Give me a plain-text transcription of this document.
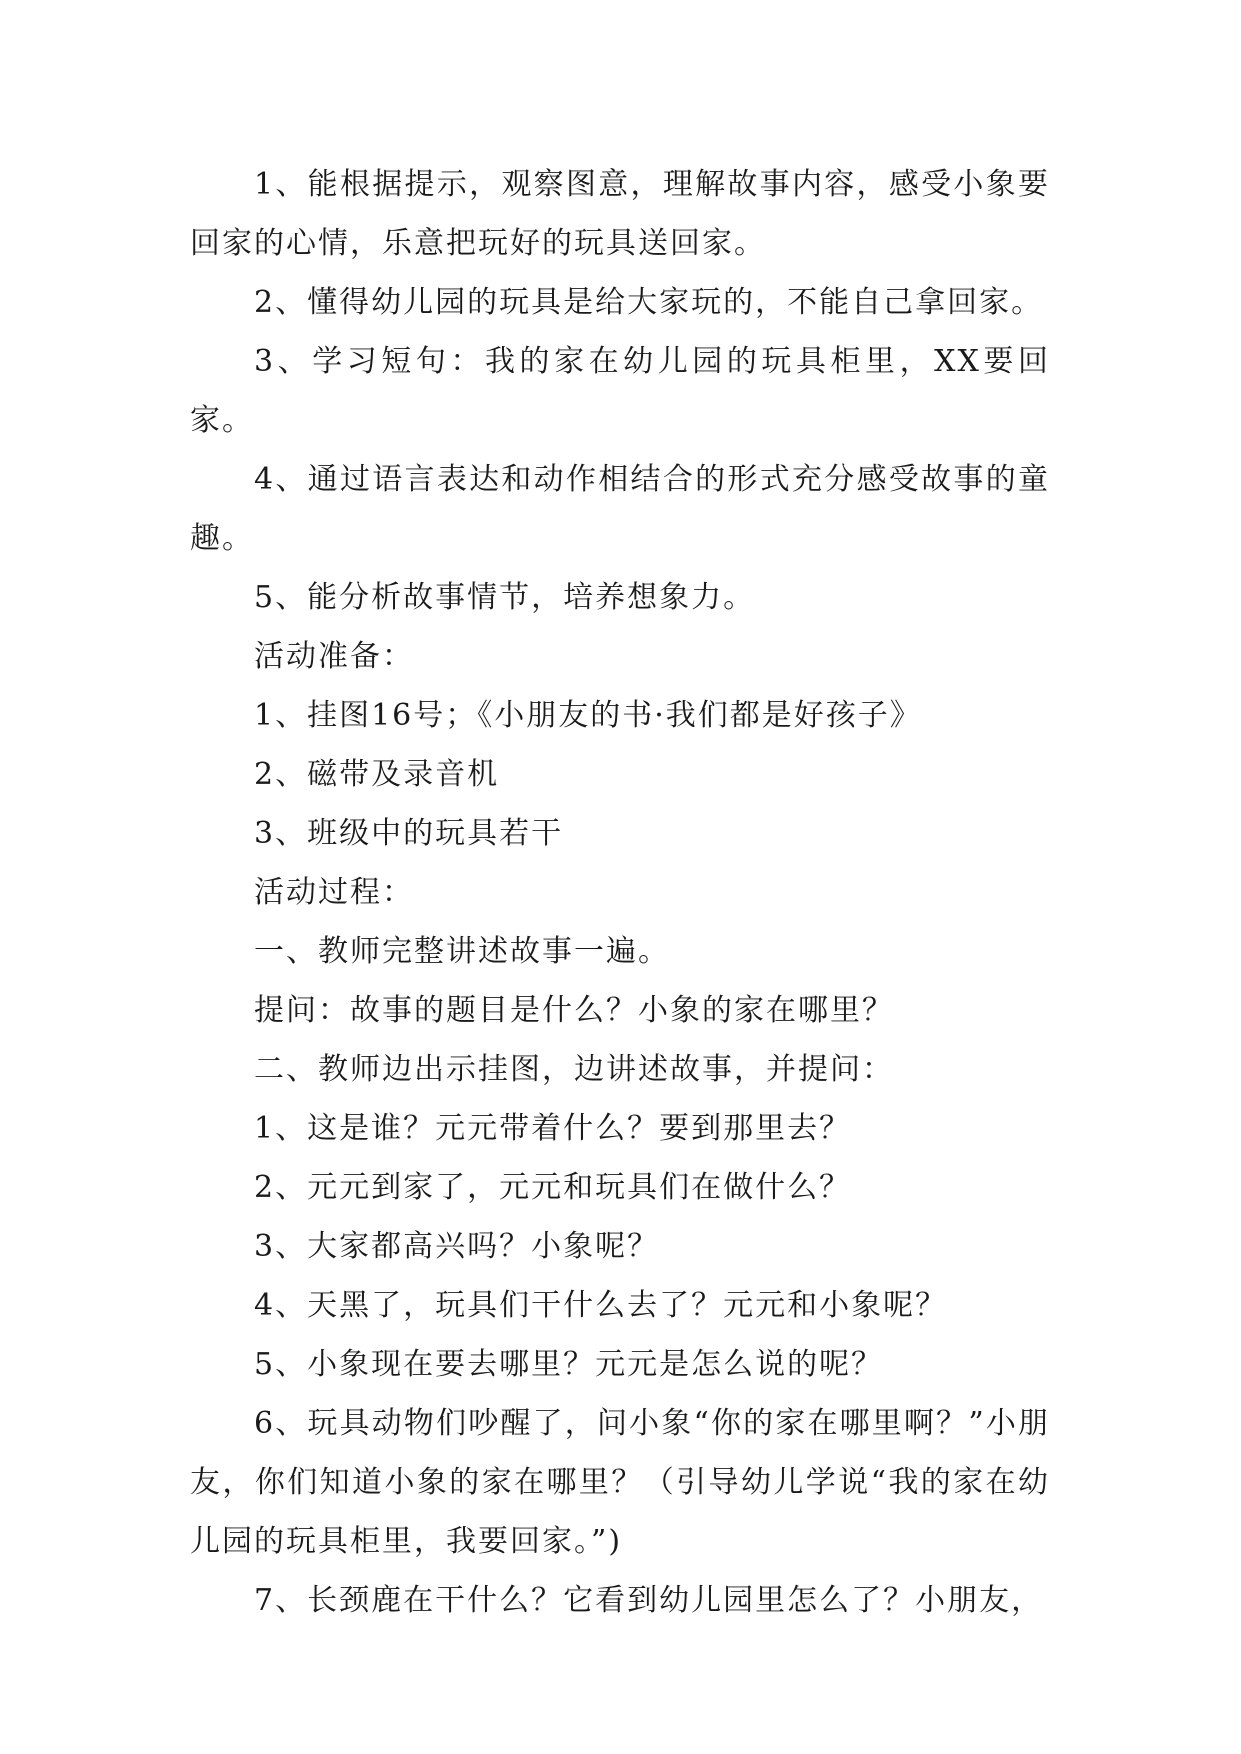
1、能根据提示，观察图意，理解故事内容，感受小象要回家的心情，乐意把玩好的玩具送回家。

2、懂得幼儿园的玩具是给大家玩的，不能自己拿回家。

3、学习短句：我的家在幼儿园的玩具柜里，XX要回家。

4、通过语言表达和动作相结合的形式充分感受故事的童趣。

5、能分析故事情节，培养想象力。

活动准备：

1、挂图16号；《小朋友的书·我们都是好孩子》

2、磁带及录音机

3、班级中的玩具若干

活动过程：

一、教师完整讲述故事一遍。

提问：故事的题目是什么？小象的家在哪里？

二、教师边出示挂图，边讲述故事，并提问：

1、这是谁？元元带着什么？要到那里去？

2、元元到家了，元元和玩具们在做什么？

3、大家都高兴吗？小象呢？

4、天黑了，玩具们干什么去了？元元和小象呢？

5、小象现在要去哪里？元元是怎么说的呢？

6、玩具动物们吵醒了，问小象“你的家在哪里啊？”小朋友，你们知道小象的家在哪里？（引导幼儿学说“我的家在幼儿园的玩具柜里，我要回家。”)

7、长颈鹿在干什么？它看到幼儿园里怎么了？小朋友，
